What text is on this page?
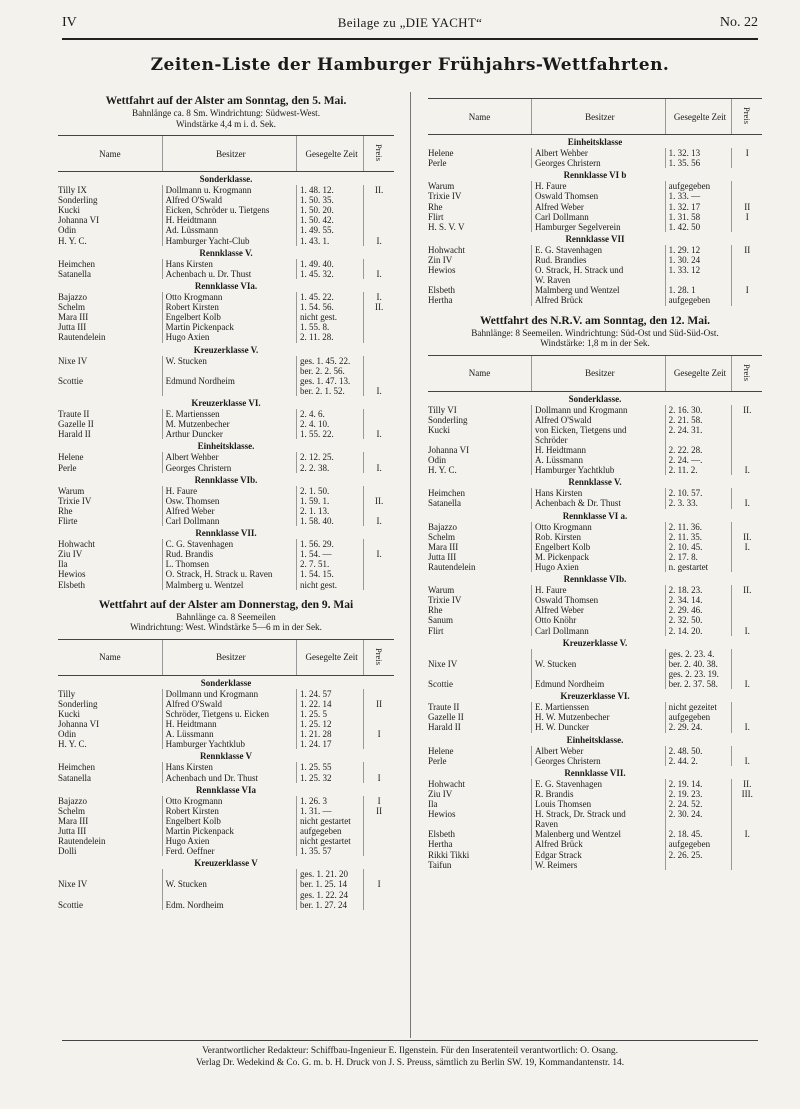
IV	Beilage zu „DIE YACHT“	No. 22
Zeiten-Liste der Hamburger Frühjahrs-Wettfahrten.
Wettfahrt auf der Alster am Sonntag, den 5. Mai.
Bahnlänge ca. 8 Sm. Windrichtung: Südwest-West.
Windstärke 4,4 m i. d. Sek.
Name	Besitzer	Gesegelte Zeit	Preis
Sonderklasse.			
Tilly IX	Dollmann u. Krogmann	1. 48. 12.	II.
Sonderling	Alfred O'Swald	1. 50. 35.	
Kucki	Eicken, Schröder u. Tietgens	1. 50. 20.	
Johanna VI	H. Heidtmann	1. 50. 42.	
Odin	Ad. Lüssmann	1. 49. 55.	
H. Y. C.	Hamburger Yacht-Club	1. 43. 1.	I.
Rennklasse V.			
Heimchen	Hans Kirsten	1. 49. 40.	
Satanella	Achenbach u. Dr. Thust	1. 45. 32.	I.
Rennklasse VIa.			
Bajazzo	Otto Krogmann	1. 45. 22.	I.
Schelm	Robert Kirsten	1. 54. 56.	II.
Mara III	Engelbert Kolb	nicht gest.	
Jutta III	Martin Pickenpack	1. 55. 8.	
Rautendelein	Hugo Axien	2. 11. 28.	
Kreuzerklasse V.			
Nixe IV	W. Stucken	ges. 1. 45. 22.	
		ber. 2. 2. 56.	
Scottie	Edmund Nordheim	ges. 1. 47. 13.	
		ber. 2. 1. 52.	I.
Kreuzerklasse VI.			
Traute II	E. Martienssen	2. 4. 6.	
Gazelle II	M. Mutzenbecher	2. 4. 10.	
Harald II	Arthur Duncker	1. 55. 22.	I.
Einheitsklasse.			
Helene	Albert Wehber	2. 12. 25.	
Perle	Georges Christern	2. 2. 38.	I.
Rennklasse VIb.			
Warum	H. Faure	2. 1. 50.	
Trixie IV	Osw. Thomsen	1. 59. 1.	II.
Rhe	Alfred Weber	2. 1. 13.	
Flirte	Carl Dollmann	1. 58. 40.	I.
Rennklasse VII.			
Hohwacht	C. G. Stavenhagen	1. 56. 29.	
Ziu IV	Rud. Brandis	1. 54. —	I.
Ila	L. Thomsen	2. 7. 51.	
Hewios	O. Strack, H. Strack u. Raven	1. 54. 15.	
Elsbeth	Malmberg u. Wentzel	nicht gest.	
Wettfahrt auf der Alster am Donnerstag, den 9. Mai
Bahnlänge ca. 8 Seemeilen
Windrichtung: West. Windstärke 5—6 m in der Sek.
Name	Besitzer	Gesegelte Zeit	Preis
Sonderklasse			
Tilly	Dollmann und Krogmann	1. 24. 57	
Sonderling	Alfred O'Swald	1. 22. 14	II
Kucki	Schröder, Tietgens u. Eicken	1. 25. 5	
Johanna VI	H. Heidtmann	1. 25. 12	
Odin	A. Lüssmann	1. 21. 28	I
H. Y. C.	Hamburger Yachtklub	1. 24. 17	
Rennklasse V			
Heimchen	Hans Kirsten	1. 25. 55	
Satanella	Achenbach und Dr. Thust	1. 25. 32	I
Rennklasse VIa			
Bajazzo	Otto Krogmann	1. 26. 3	I
Schelm	Robert Kirsten	1. 31. —	II
Mara III	Engelbert Kolb	nicht gestartet	
Jutta III	Martin Pickenpack	aufgegeben	
Rautendelein	Hugo Axien	nicht gestartet	
Dolli	Ferd. Oeffner	1. 35. 57	
Kreuzerklasse V			
		ges. 1. 21. 20	
Nixe IV	W. Stucken	ber. 1. 25. 14	I
		ges. 1. 22. 24	
Scottie	Edm. Nordheim	ber. 1. 27. 24	
Name	Besitzer	Gesegelte Zeit	Preis
Einheitsklasse			
Helene	Albert Wehber	1. 32. 13	I
Perle	Georges Christern	1. 35. 56	
Rennklasse VI b			
Warum	H. Faure	aufgegeben	
Trixie IV	Oswald Thomsen	1. 33. —	
Rhe	Alfred Weber	1. 32. 17	II
Flirt	Carl Dollmann	1. 31. 58	I
H. S. V. V	Hamburger Segelverein	1. 42. 50	
Rennklasse VII			
Hohwacht	E. G. Stavenhagen	1. 29. 12	II
Zin IV	Rud. Brandies	1. 30. 24	
Hewios	O. Strack, H. Strack und	1. 33. 12	
	W. Raven		
Elsbeth	Malmberg und Wentzel	1. 28. 1	I
Hertha	Alfred Brück	aufgegeben	
Wettfahrt des N.R.V. am Sonntag, den 12. Mai.
Bahnlänge: 8 Seemeilen. Windrichtung: Süd-Ost und Süd-Süd-Ost.
Windstärke: 1,8 m in der Sek.
Name	Besitzer	Gesegelte Zeit	Preis
Sonderklasse.			
Tilly VI	Dollmann und Krogmann	2. 16. 30.	II.
Sonderling	Alfred O'Swald	2. 21. 58.	
Kucki	von Eicken, Tietgens und	2. 24. 31.	
	Schröder		
Johanna VI	H. Heidtmann	2. 22. 28.	
Odin	A. Lüssmann	2. 24. —.	
H. Y. C.	Hamburger Yachtklub	2. 11. 2.	I.
Rennklasse V.			
Heimchen	Hans Kirsten	2. 10. 57.	
Satanella	Achenbach & Dr. Thust	2. 3. 33.	I.
Rennklasse VI a.			
Bajazzo	Otto Krogmann	2. 11. 36.	
Schelm	Rob. Kirsten	2. 11. 35.	II.
Mara III	Engelbert Kolb	2. 10. 45.	I.
Jutta III	M. Pickenpack	2. 17. 8.	
Rautendelein	Hugo Axien	n. gestartet	
Rennklasse VIb.			
Warum	H. Faure	2. 18. 23.	II.
Trixie IV	Oswald Thomsen	2. 34. 14.	
Rhe	Alfred Weber	2. 29. 46.	
Sanum	Otto Knöhr	2. 32. 50.	
Flirt	Carl Dollmann	2. 14. 20.	I.
Kreuzerklasse V.			
		ges. 2. 23. 4.	
Nixe IV	W. Stucken	ber. 2. 40. 38.	
		ges. 2. 23. 19.	
Scottie	Edmund Nordheim	ber. 2. 37. 58.	I.
Kreuzerklasse VI.			
Traute II	E. Martienssen	nicht gezeitet	
Gazelle II	H. W. Mutzenbecher	aufgegeben	
Harald II	H. W. Duncker	2. 29. 24.	I.
Einheitsklasse.			
Helene	Albert Weber	2. 48. 50.	
Perle	Georges Christern	2. 44. 2.	I.
Rennklasse VII.			
Hohwacht	E. G. Stavenhagen	2. 19. 14.	II.
Ziu IV	R. Brandis	2. 19. 23.	III.
Ila	Louis Thomsen	2. 24. 52.	
Hewios	H. Strack, Dr. Strack und	2. 30. 24.	
	Raven		
Elsbeth	Malenberg und Wentzel	2. 18. 45.	I.
Hertha	Alfred Brück	aufgegeben	
Rikki Tikki	Edgar Strack	2. 26. 25.	
Taifun	W. Reimers		
Verantwortlicher Redakteur: Schiffbau-Ingenieur E. Ilgenstein. Für den Inseratenteil verantwortlich: O. Osang.
Verlag Dr. Wedekind & Co. G. m. b. H. Druck von J. S. Preuss, sämtlich zu Berlin SW. 19, Kommandantenstr. 14.
